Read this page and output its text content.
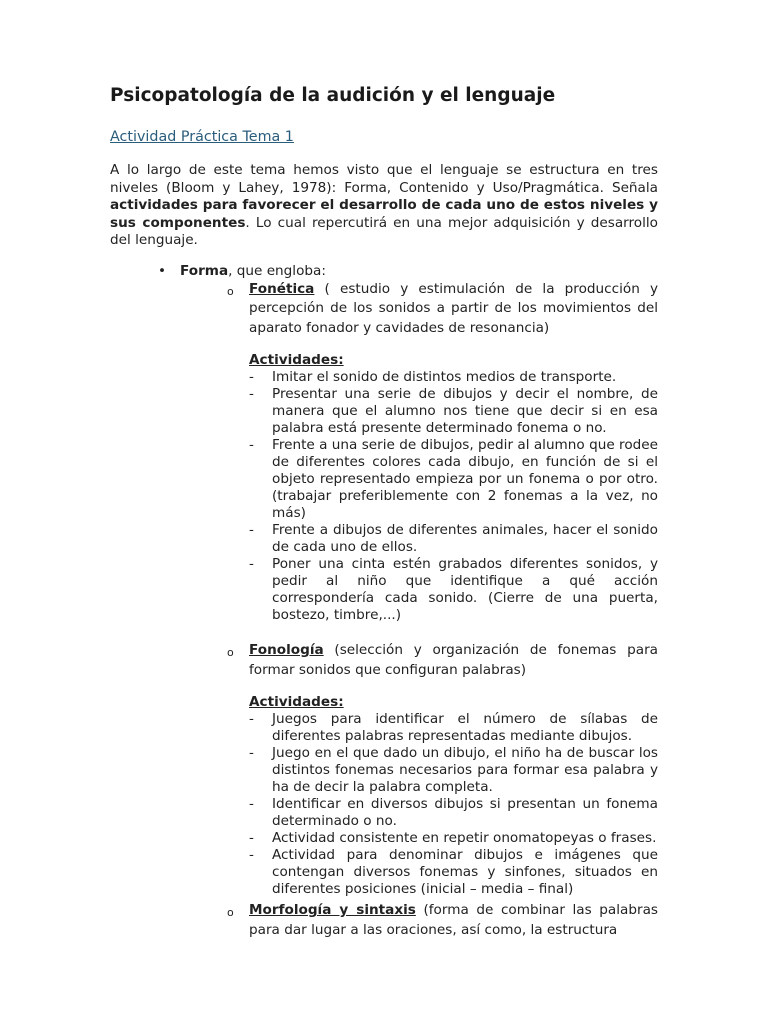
Psicopatología de la audición y el lenguaje
Actividad Práctica Tema 1
A lo largo de este tema hemos visto que el lenguaje se estructura en tres niveles (Bloom y Lahey, 1978): Forma, Contenido y Uso/Pragmática. Señala actividades para favorecer el desarrollo de cada uno de estos niveles y sus componentes. Lo cual repercutirá en una mejor adquisición y desarrollo del lenguaje.
• Forma, que engloba:
o Fonética ( estudio y estimulación de la producción y percepción de los sonidos a partir de los movimientos del aparato fonador y cavidades de resonancia)
Actividades:
- Imitar el sonido de distintos medios de transporte.
- Presentar una serie de dibujos y decir el nombre, de manera que el alumno nos tiene que decir si en esa palabra está presente determinado fonema o no.
- Frente a una serie de dibujos, pedir al alumno que rodee de diferentes colores cada dibujo, en función de si el objeto representado empieza por un fonema o por otro. (trabajar preferiblemente con 2 fonemas a la vez, no más)
- Frente a dibujos de diferentes animales, hacer el sonido de cada uno de ellos.
- Poner una cinta estén grabados diferentes sonidos, y pedir al niño que identifique a qué acción correspondería cada sonido. (Cierre de una puerta, bostezo, timbre,...)
o Fonología (selección y organización de fonemas para formar sonidos que configuran palabras)
Actividades:
- Juegos para identificar el número de sílabas de diferentes palabras representadas mediante dibujos.
- Juego en el que dado un dibujo, el niño ha de buscar los distintos fonemas necesarios para formar esa palabra y ha de decir la palabra completa.
- Identificar en diversos dibujos si presentan un fonema determinado o no.
- Actividad consistente en repetir onomatopeyas o frases.
- Actividad para denominar dibujos e imágenes que contengan diversos fonemas y sinfones, situados en diferentes posiciones (inicial – media – final)
o Morfología y sintaxis (forma de combinar las palabras para dar lugar a las oraciones, así como, la estructura
